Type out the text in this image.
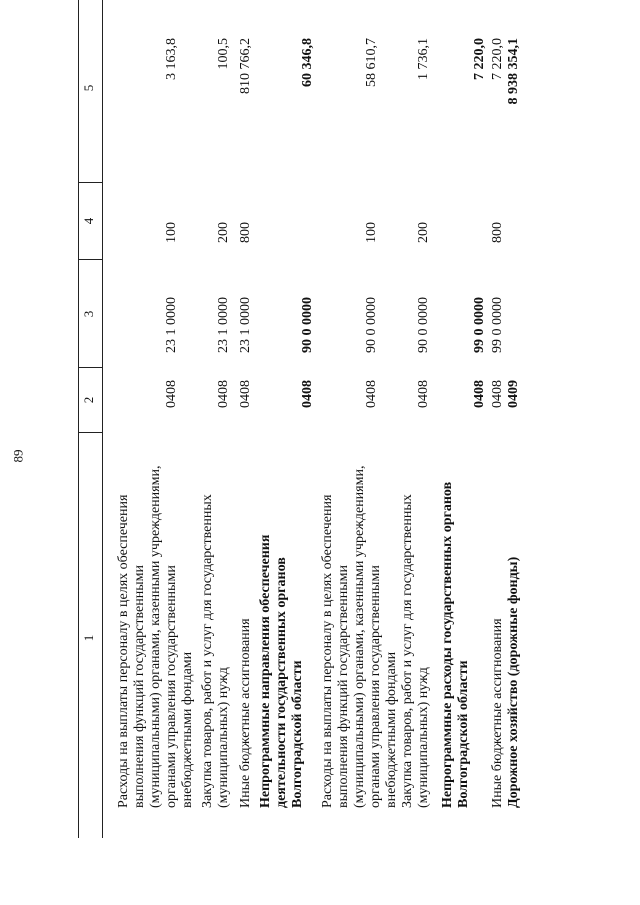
89
1
2
3
4
5
Расходы на выплаты персоналу в целях обеспечения выполнения функций государственными (муниципальными) органами, казенными учреждениями, органами управления государственными внебюджетными фондами
0408
23 1 0000
100
3 163,8
Закупка товаров, работ и услуг для государственных (муниципальных) нужд
0408
23 1 0000
200
100,5
Иные бюджетные ассигнования
0408
23 1 0000
800
810 766,2
Непрограммные направления обеспечения деятельности государственных органов Волгоградской области
0408
90 0 0000
60 346,8
Расходы на выплаты персоналу в целях обеспечения выполнения функций государственными (муниципальными) органами, казенными учреждениями, органами управления государственными внебюджетными фондами
0408
90 0 0000
100
58 610,7
Закупка товаров, работ и услуг для государственных (муниципальных) нужд
0408
90 0 0000
200
1 736,1
Непрограммные расходы государственных органов Волгоградской области
0408
99 0 0000
7 220,0
Иные бюджетные ассигнования
0408
99 0 0000
800
7 220,0
Дорожное хозяйство (дорожные фонды)
0409
8 938 354,1
